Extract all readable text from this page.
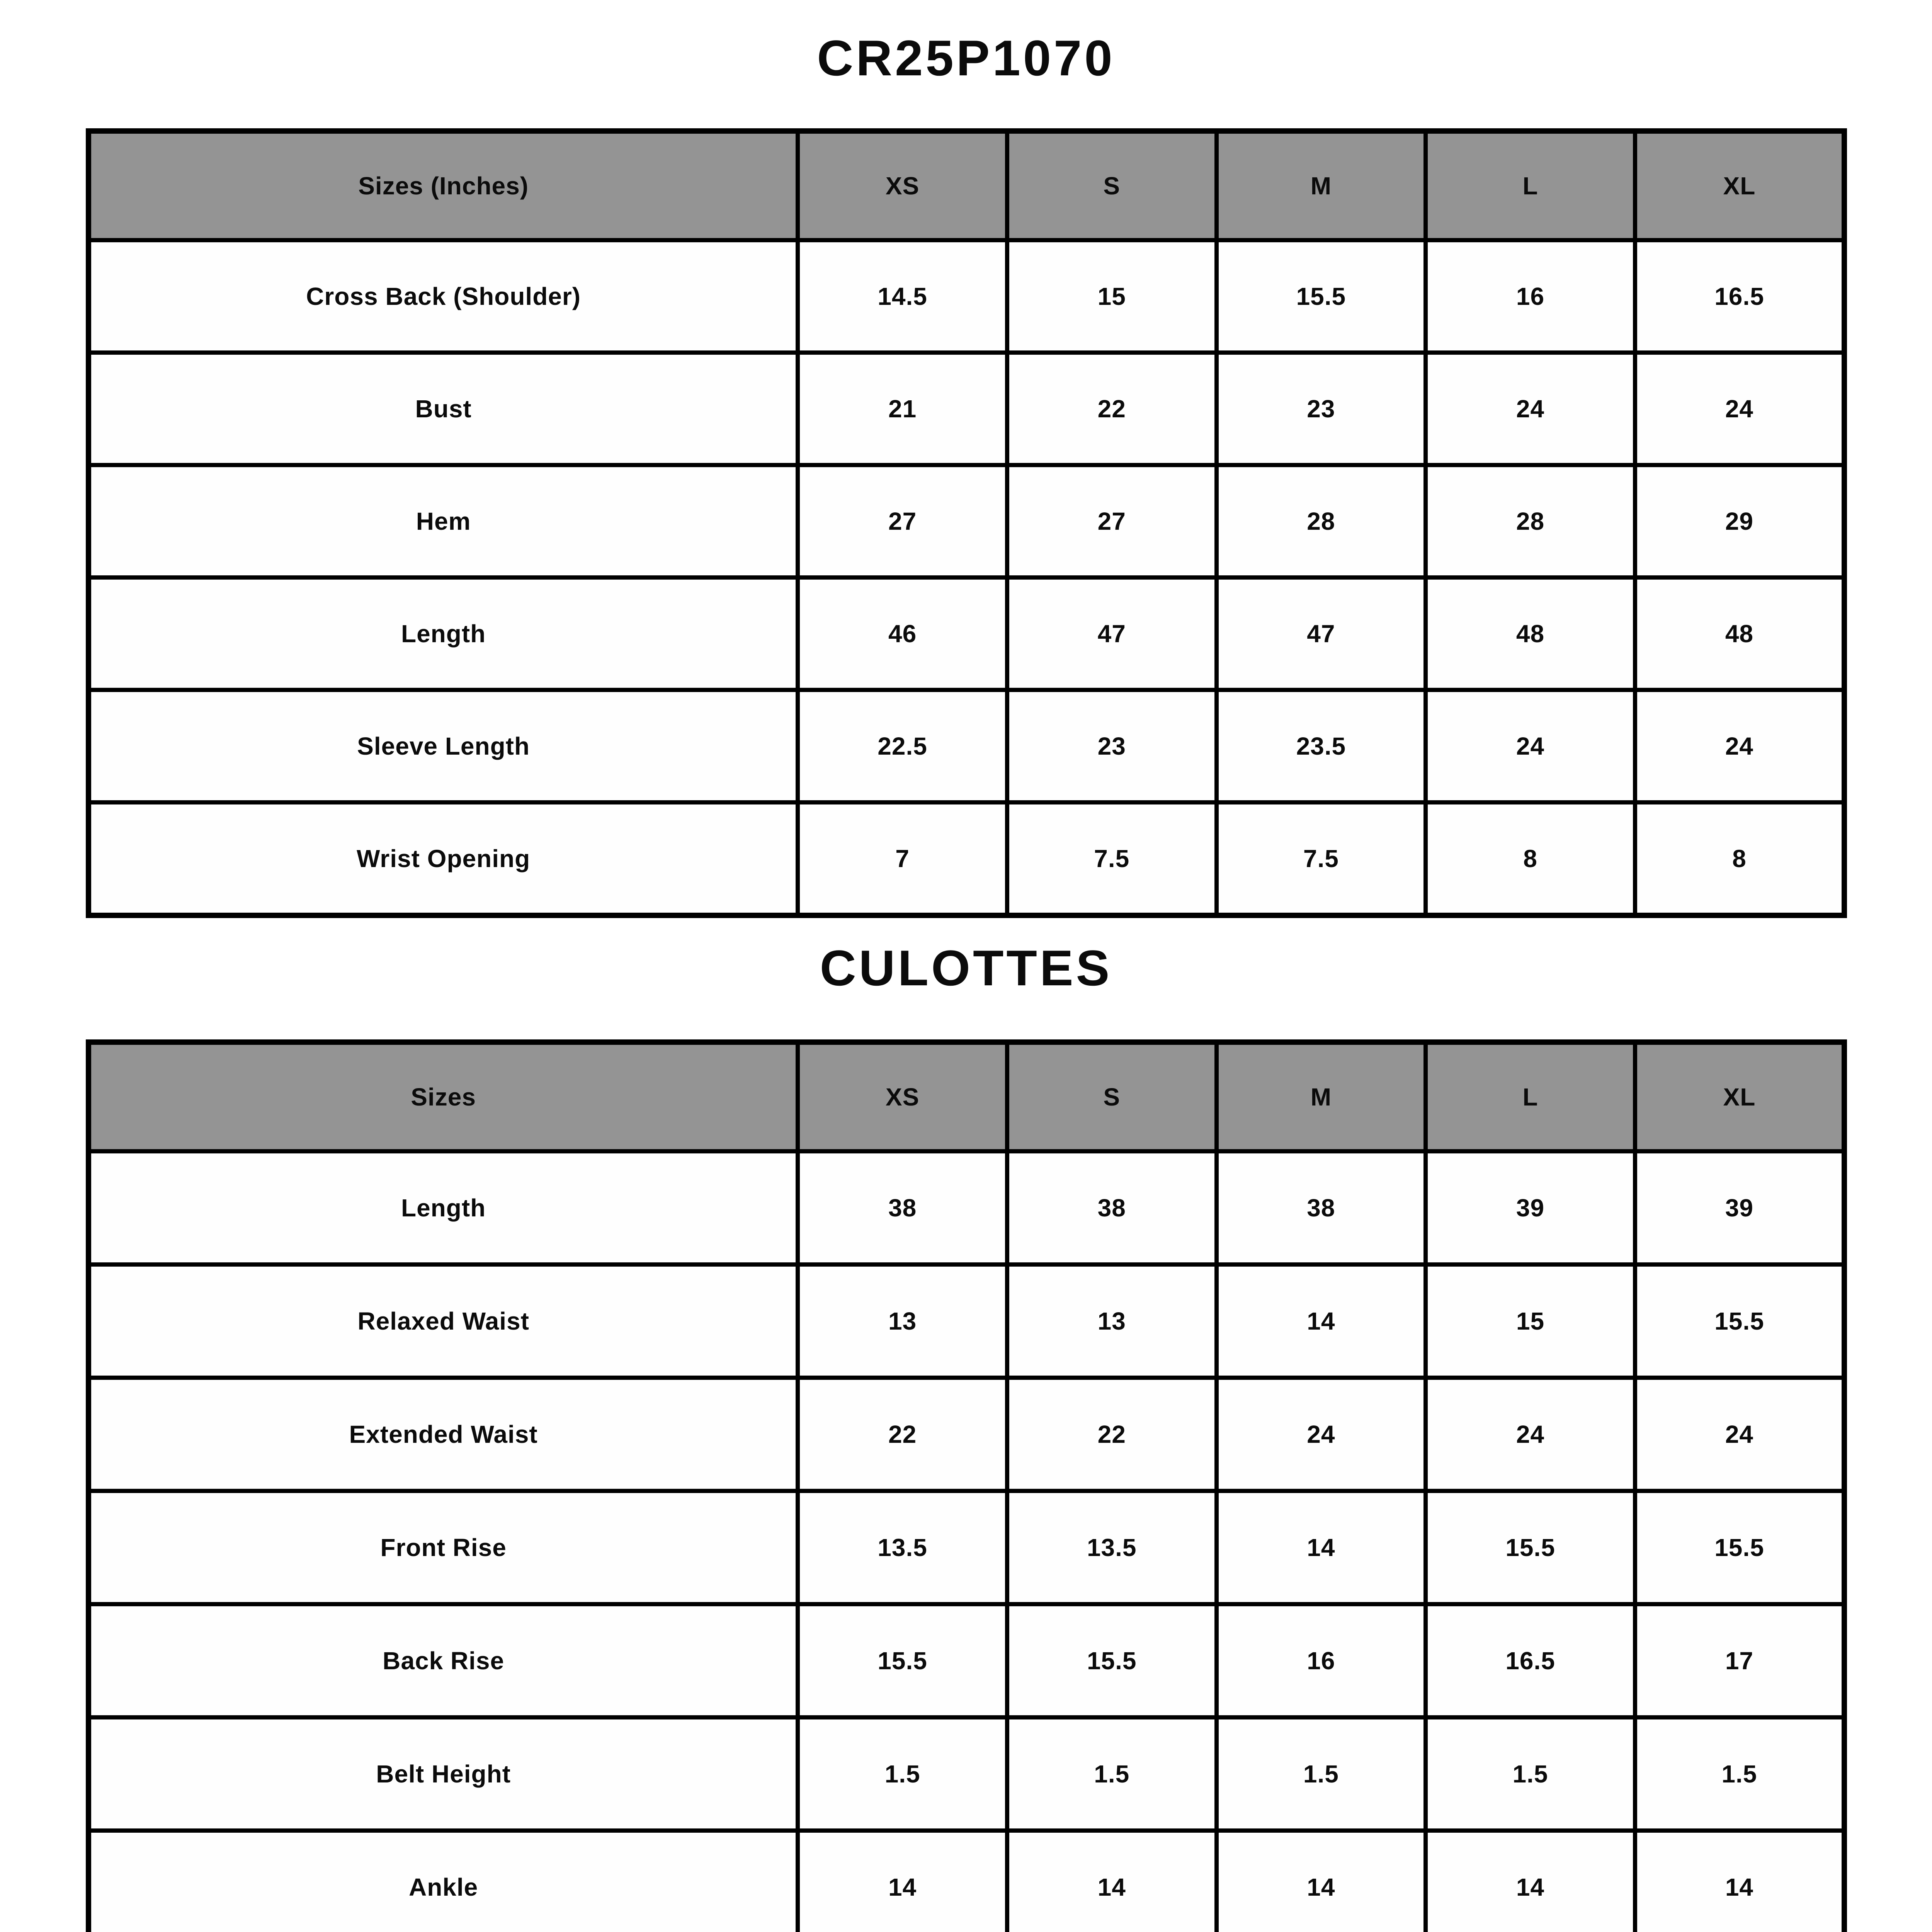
CR25P1070
Sizes (Inches)	XS	S	M	L	XL
Cross Back (Shoulder)	14.5	15	15.5	16	16.5
Bust	21	22	23	24	24
Hem	27	27	28	28	29
Length	46	47	47	48	48
Sleeve Length	22.5	23	23.5	24	24
Wrist Opening	7	7.5	7.5	8	8
CULOTTES
Sizes	XS	S	M	L	XL
Length	38	38	38	39	39
Relaxed Waist	13	13	14	15	15.5
Extended Waist	22	22	24	24	24
Front Rise	13.5	13.5	14	15.5	15.5
Back Rise	15.5	15.5	16	16.5	17
Belt Height	1.5	1.5	1.5	1.5	1.5
Ankle	14	14	14	14	14
